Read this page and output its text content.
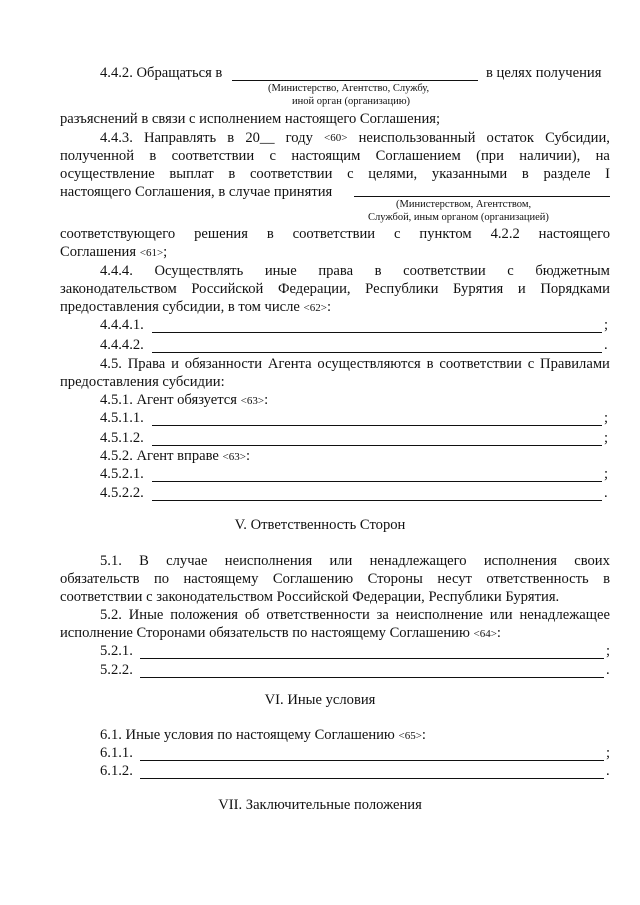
4.4.2. Обращаться в	в целях получения
(Министерство, Агентство, Службу,
иной орган (организацию)
разъяснений в связи с исполнением настоящего Соглашения;
4.4.3. Направлять в 20__ году <60> неиспользованный остаток Субсидии,
полученной в соответствии с настоящим Соглашением (при наличии), на
осуществление выплат в соответствии с целями, указанными в разделе I
настоящего Соглашения, в случае принятия
(Министерством, Агентством,
Службой, иным органом (организацией)
соответствующего решения в соответствии с пунктом 4.2.2 настоящего
Соглашения <61>;
4.4.4. Осуществлять иные права в соответствии с бюджетным
законодательством Российской Федерации, Республики Бурятия и Порядками
предоставления субсидии, в том числе <62>:
4.4.4.1.	;
4.4.4.2.	.
4.5. Права и обязанности Агента осуществляются в соответствии с Правилами
предоставления субсидии:
4.5.1. Агент обязуется <63>:
4.5.1.1.	;
4.5.1.2.	;
4.5.2. Агент вправе <63>:
4.5.2.1.	;
4.5.2.2.	.
V. Ответственность Сторон
5.1. В случае неисполнения или ненадлежащего исполнения своих
обязательств по настоящему Соглашению Стороны несут ответственность в
соответствии с законодательством Российской Федерации, Республики Бурятия.
5.2. Иные положения об ответственности за неисполнение или ненадлежащее
исполнение Сторонами обязательств по настоящему Соглашению <64>:
5.2.1.	;
5.2.2.	.
VI. Иные условия
6.1. Иные условия по настоящему Соглашению <65>:
6.1.1.	;
6.1.2.	.
VII. Заключительные положения
